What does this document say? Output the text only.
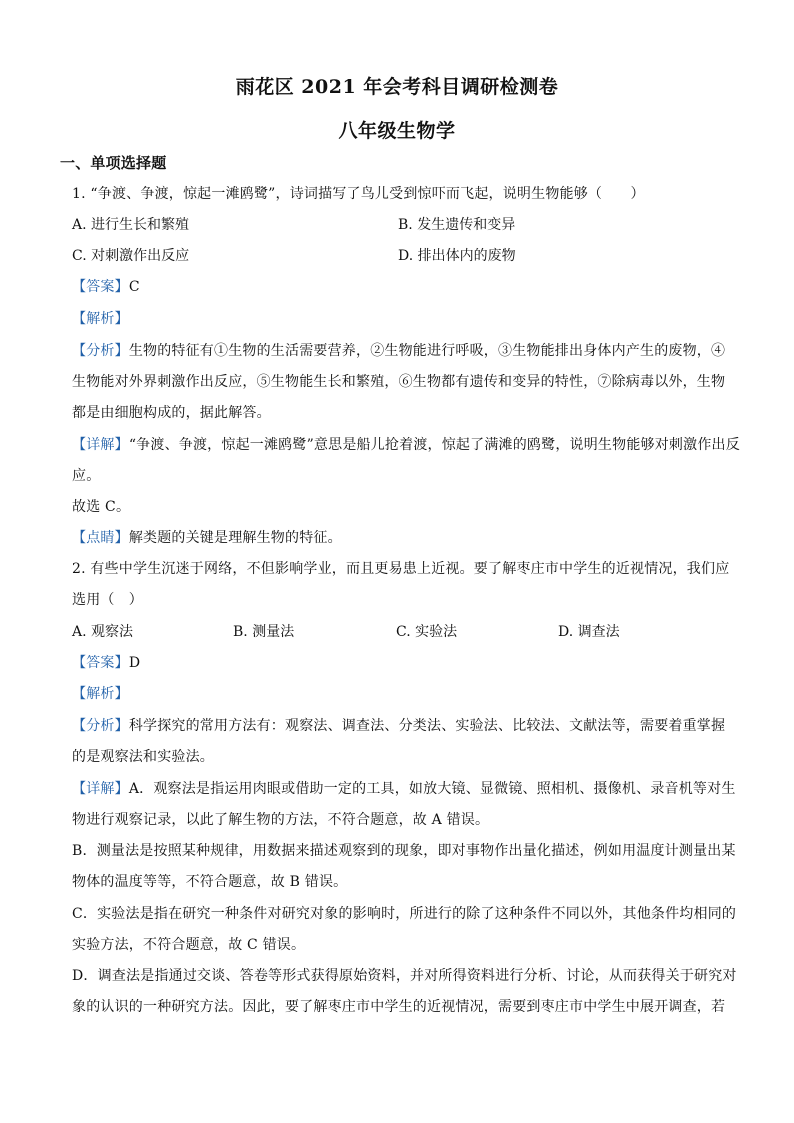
雨花区 2021 年会考科目调研检测卷
八年级生物学
一、单项选择题
1. “争渡、争渡，惊起一滩鸥鹭”，诗词描写了鸟儿受到惊吓而飞起，说明生物能够（　　）
A. 进行生长和繁殖	B. 发生遗传和变异
C. 对刺激作出反应	D. 排出体内的废物
【答案】C
【解析】
【分析】生物的特征有①生物的生活需要营养，②生物能进行呼吸，③生物能排出身体内产生的废物，④
生物能对外界刺激作出反应，⑤生物能生长和繁殖，⑥生物都有遗传和变异的特性，⑦除病毒以外，生物
都是由细胞构成的，据此解答。
【详解】“争渡、争渡，惊起一滩鸥鹭”意思是船儿抢着渡，惊起了满滩的鸥鹭，说明生物能够对刺激作出反
应。
故选 C。
【点睛】解类题的关键是理解生物的特征。
2. 有些中学生沉迷于网络，不但影响学业，而且更易患上近视。要了解枣庄市中学生的近视情况，我们应
选用（　）
A. 观察法	B. 测量法	C. 实验法	D. 调查法
【答案】D
【解析】
【分析】科学探究的常用方法有：观察法、调查法、分类法、实验法、比较法、文献法等，需要着重掌握
的是观察法和实验法。
【详解】A．观察法是指运用肉眼或借助一定的工具，如放大镜、显微镜、照相机、摄像机、录音机等对生
物进行观察记录，以此了解生物的方法，不符合题意，故 A 错误。
B．测量法是按照某种规律，用数据来描述观察到的现象，即对事物作出量化描述，例如用温度计测量出某
物体的温度等等，不符合题意，故 B 错误。
C．实验法是指在研究一种条件对研究对象的影响时，所进行的除了这种条件不同以外，其他条件均相同的
实验方法，不符合题意，故 C 错误。
D．调查法是指通过交谈、答卷等形式获得原始资料，并对所得资料进行分析、讨论，从而获得关于研究对
象的认识的一种研究方法。因此，要了解枣庄市中学生的近视情况，需要到枣庄市中学生中展开调查，若
